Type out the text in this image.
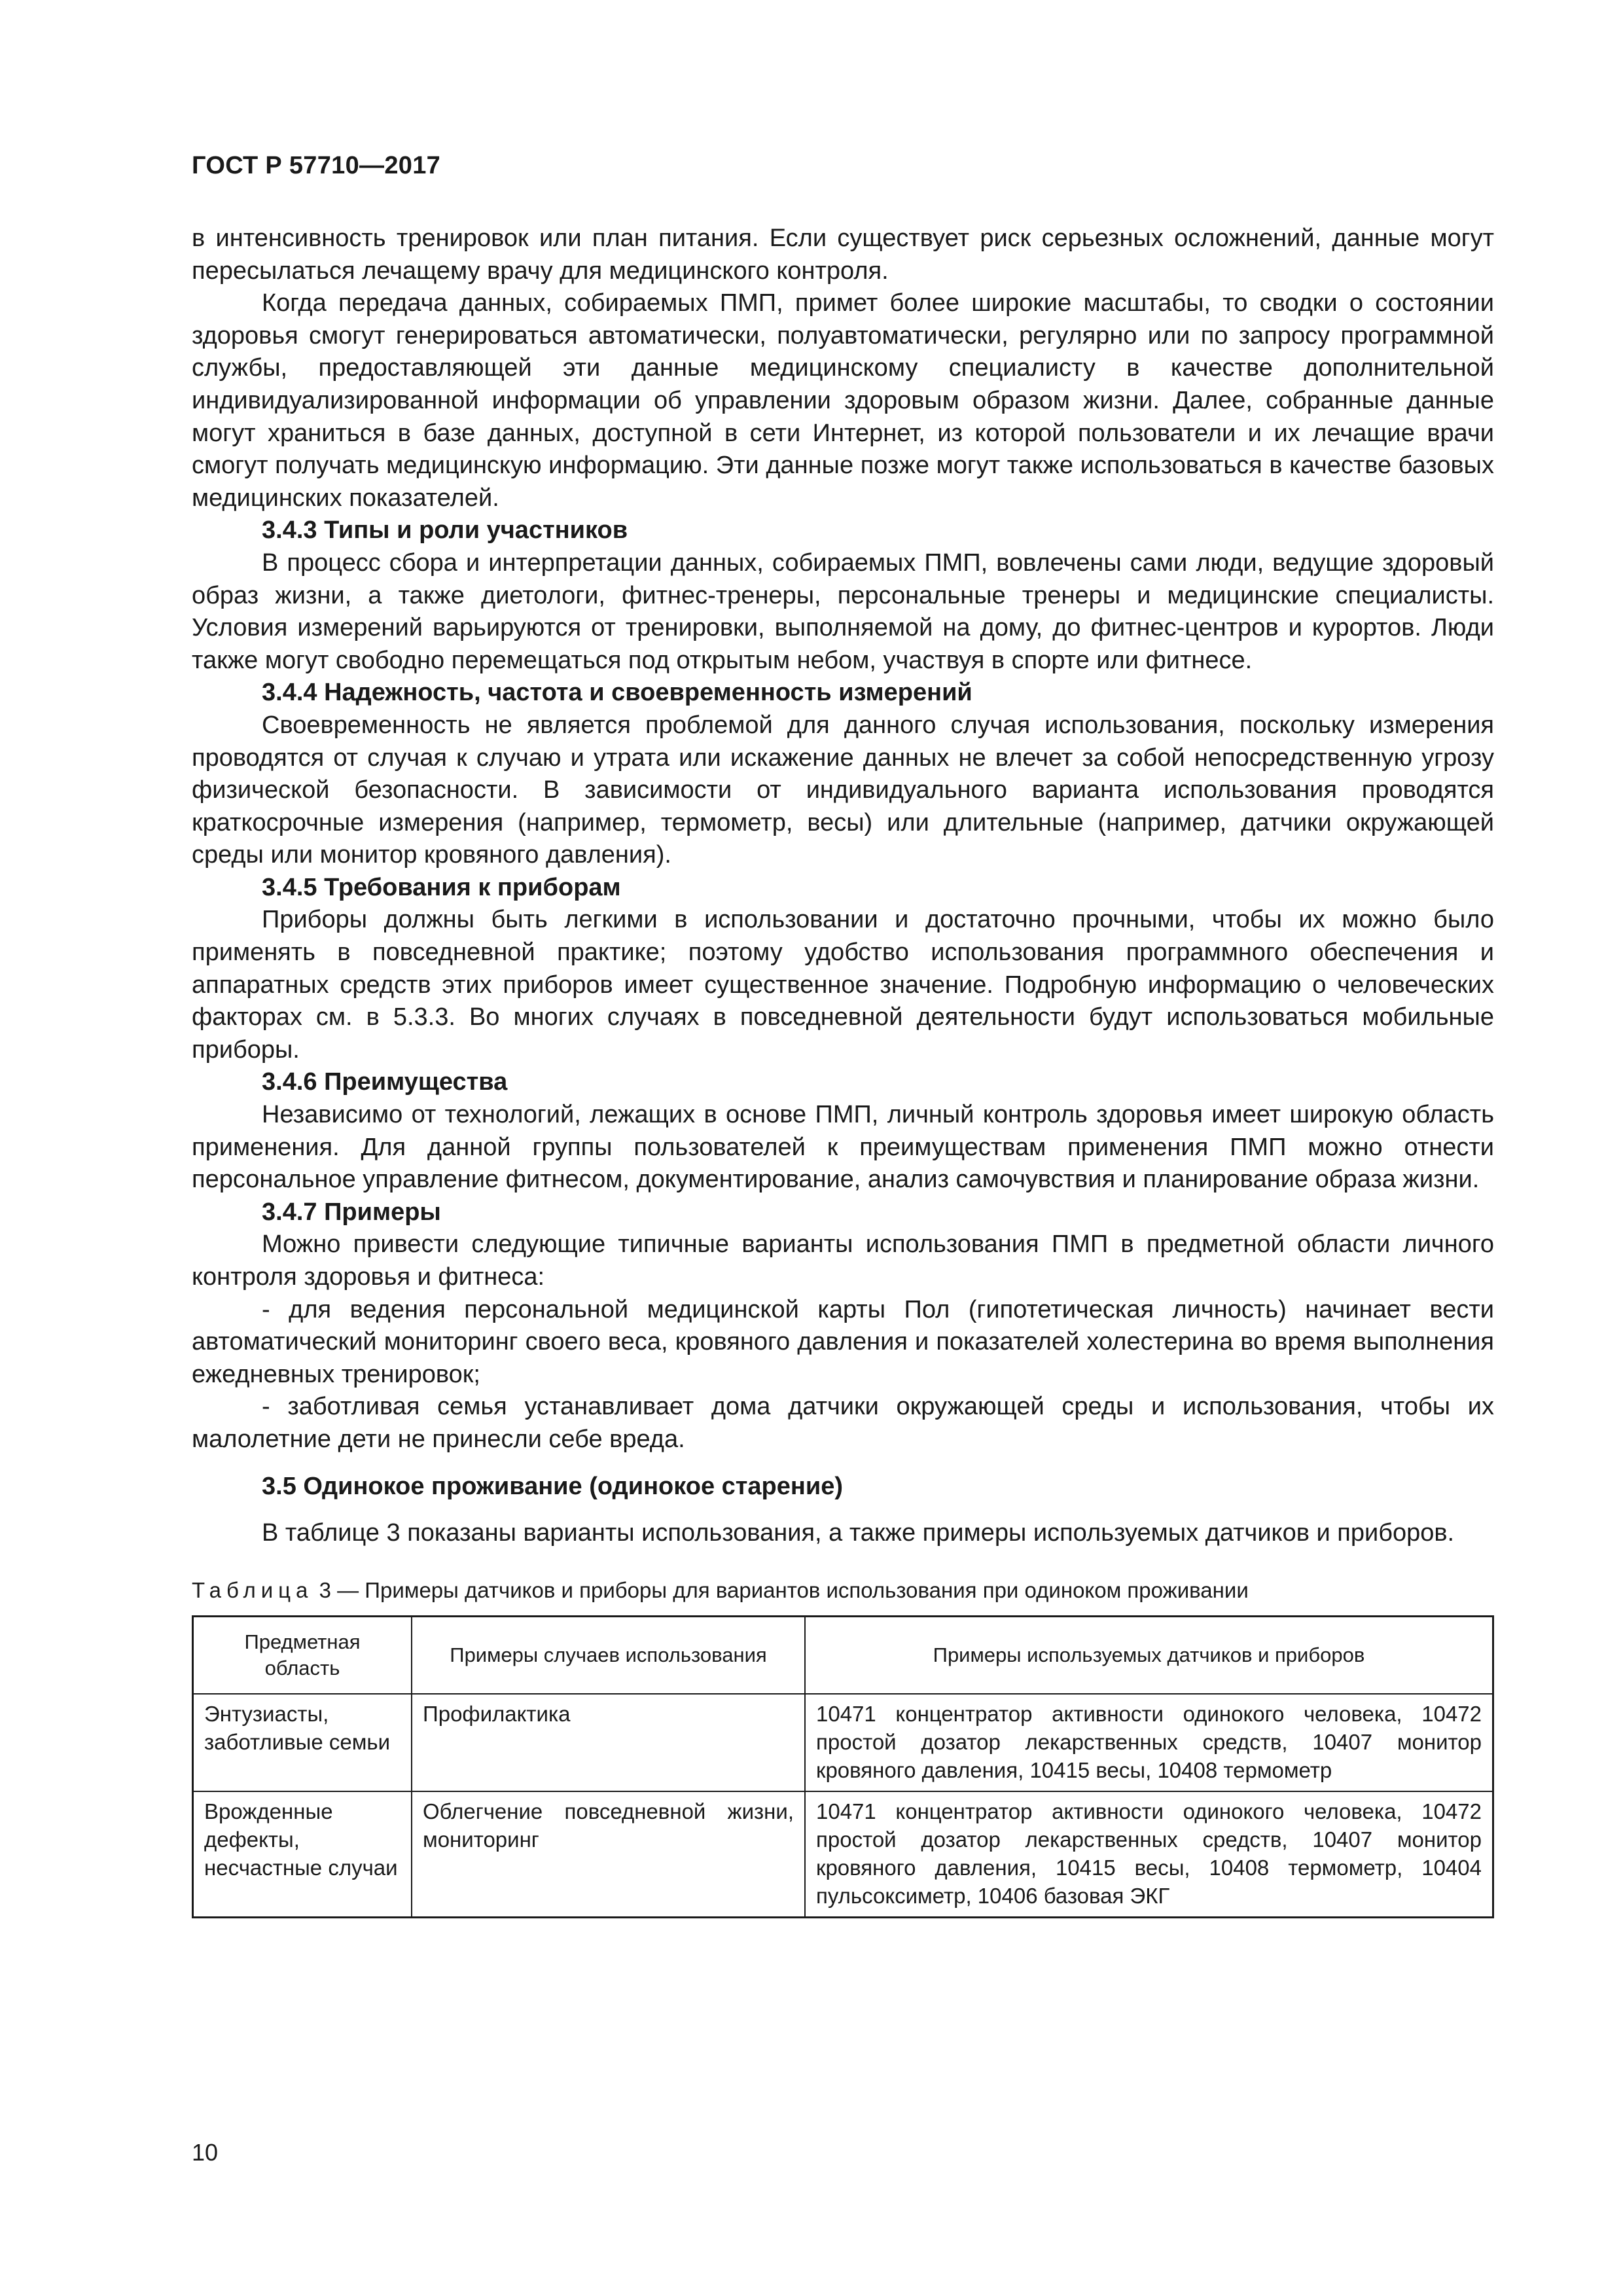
ГОСТ Р 57710—2017

в интенсивность тренировок или план питания. Если существует риск серьезных осложнений, данные могут пересылаться лечащему врачу для медицинского контроля.

Когда передача данных, собираемых ПМП, примет более широкие масштабы, то сводки о состоянии здоровья смогут генерироваться автоматически, полуавтоматически, регулярно или по запросу программной службы, предоставляющей эти данные медицинскому специалисту в качестве дополнительной индивидуализированной информации об управлении здоровым образом жизни. Далее, собранные данные могут храниться в базе данных, доступной в сети Интернет, из которой пользователи и их лечащие врачи смогут получать медицинскую информацию. Эти данные позже могут также использоваться в качестве базовых медицинских показателей.

3.4.3 Типы и роли участников

В процесс сбора и интерпретации данных, собираемых ПМП, вовлечены сами люди, ведущие здоровый образ жизни, а также диетологи, фитнес-тренеры, персональные тренеры и медицинские специалисты. Условия измерений варьируются от тренировки, выполняемой на дому, до фитнес-центров и курортов. Люди также могут свободно перемещаться под открытым небом, участвуя в спорте или фитнесе.

3.4.4 Надежность, частота и своевременность измерений

Своевременность не является проблемой для данного случая использования, поскольку измерения проводятся от случая к случаю и утрата или искажение данных не влечет за собой непосредственную угрозу физической безопасности. В зависимости от индивидуального варианта использования проводятся краткосрочные измерения (например, термометр, весы) или длительные (например, датчики окружающей среды или монитор кровяного давления).

3.4.5 Требования к приборам

Приборы должны быть легкими в использовании и достаточно прочными, чтобы их можно было применять в повседневной практике; поэтому удобство использования программного обеспечения и аппаратных средств этих приборов имеет существенное значение. Подробную информацию о человеческих факторах см. в 5.3.3. Во многих случаях в повседневной деятельности будут использоваться мобильные приборы.

3.4.6 Преимущества

Независимо от технологий, лежащих в основе ПМП, личный контроль здоровья имеет широкую область применения. Для данной группы пользователей к преимуществам применения ПМП можно отнести персональное управление фитнесом, документирование, анализ самочувствия и планирование образа жизни.

3.4.7 Примеры

Можно привести следующие типичные варианты использования ПМП в предметной области личного контроля здоровья и фитнеса:

- для ведения персональной медицинской карты Пол (гипотетическая личность) начинает вести автоматический мониторинг своего веса, кровяного давления и показателей холестерина во время выполнения ежедневных тренировок;

- заботливая семья устанавливает дома датчики окружающей среды и использования, чтобы их малолетние дети не принесли себе вреда.

3.5 Одинокое проживание (одинокое старение)

В таблице 3 показаны варианты использования, а также примеры используемых датчиков и приборов.

Таблица 3 — Примеры датчиков и приборы для вариантов использования при одиноком проживании
Предметная область	Примеры случаев использования	Примеры используемых датчиков и приборов
Энтузиасты, заботливые семьи	Профилактика	10471 концентратор активности одинокого человека, 10472 простой дозатор лекарственных средств, 10407 монитор кровяного давления, 10415 весы, 10408 термометр
Врожденные дефекты, несчастные случаи	Облегчение повседневной жизни, мониторинг	10471 концентратор активности одинокого человека, 10472 простой дозатор лекарственных средств, 10407 монитор кровяного давления, 10415 весы, 10408 термометр, 10404 пульсоксиметр, 10406 базовая ЭКГ
10
